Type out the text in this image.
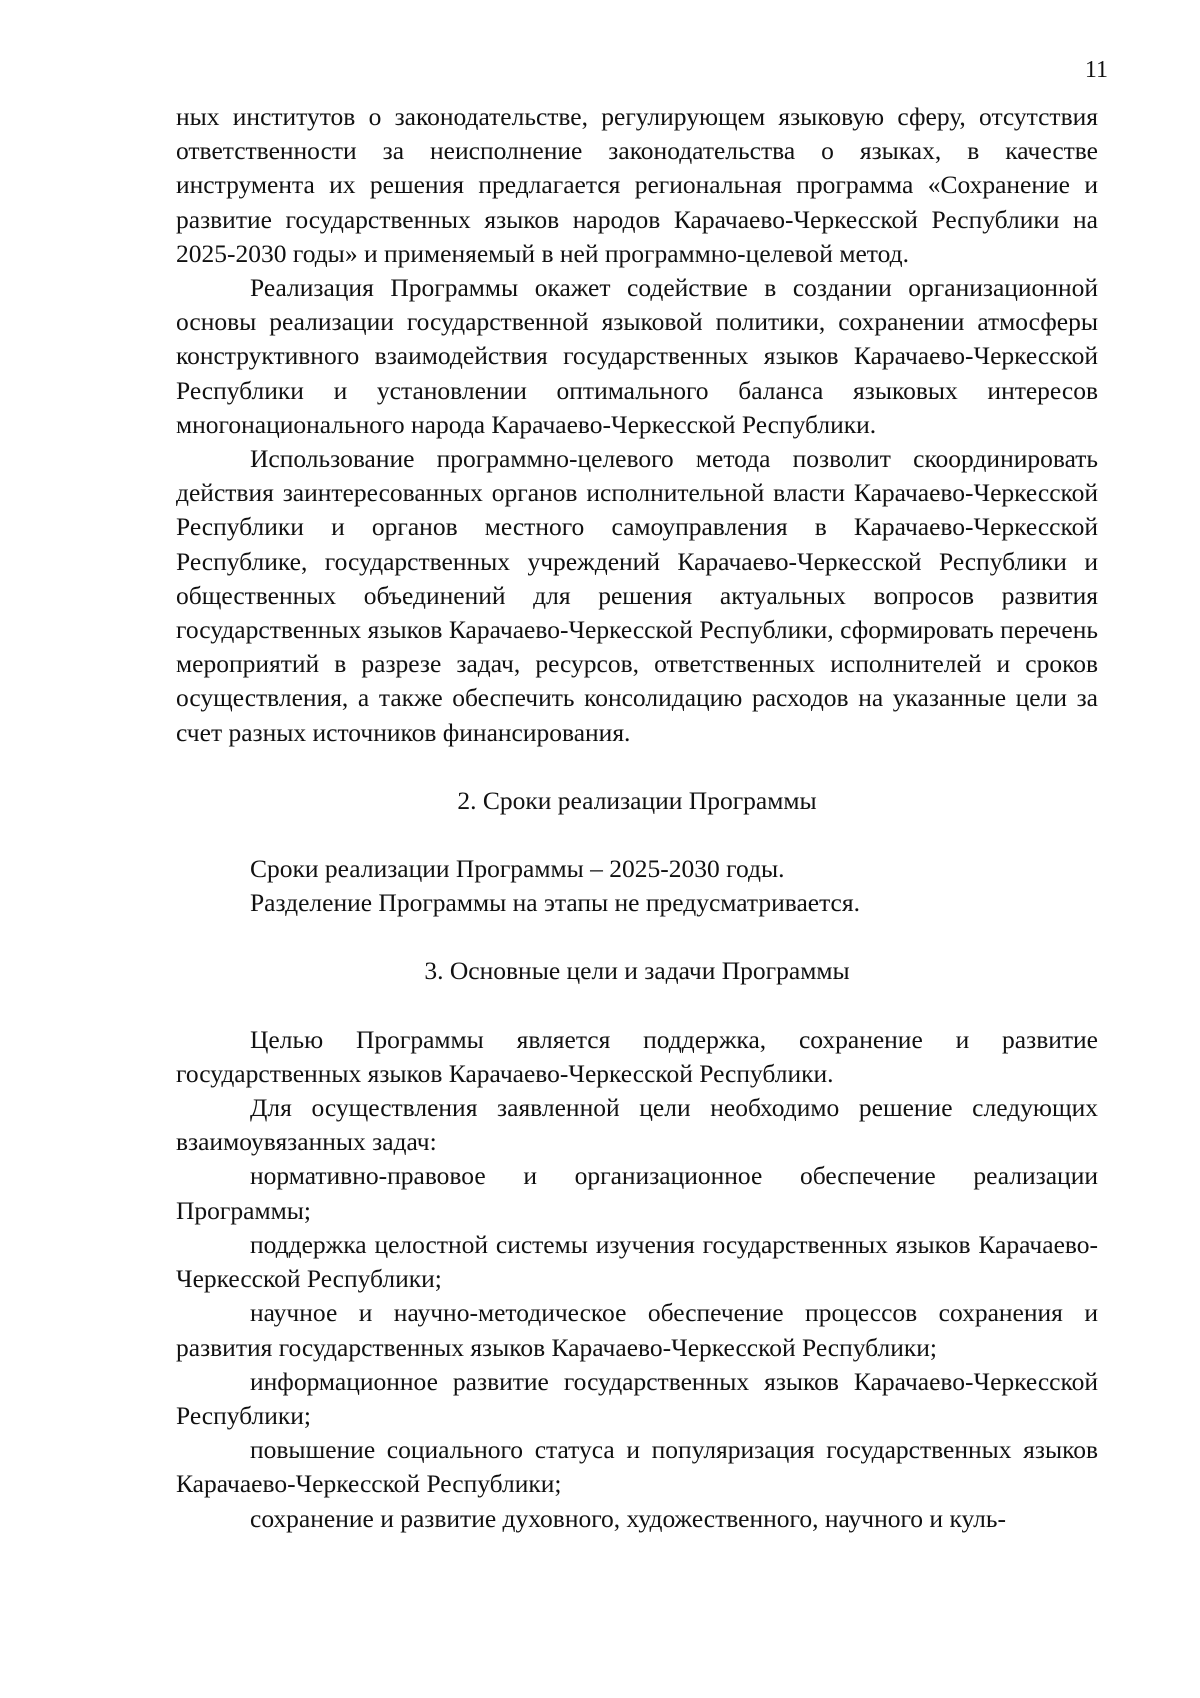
11

ных институтов о законодательстве, регулирующем языковую сферу, отсутствия ответственности за неисполнение законодательства о языках, в качестве инструмента их решения предлагается региональная программа «Сохранение и развитие государственных языков народов Карачаево-Черкесской Республики на 2025-2030 годы» и применяемый в ней программно-целевой метод.

Реализация Программы окажет содействие в создании организационной основы реализации государственной языковой политики, сохранении атмосферы конструктивного взаимодействия государственных языков Карачаево-Черкесской Республики и установлении оптимального баланса языковых интересов многонационального народа Карачаево-Черкесской Республики.

Использование программно-целевого метода позволит скоординировать действия заинтересованных органов исполнительной власти Карачаево-Черкесской Республики и органов местного самоуправления в Карачаево-Черкесской Республике, государственных учреждений Карачаево-Черкесской Республики и общественных объединений для решения актуальных вопросов развития государственных языков Карачаево-Черкесской Республики, сформировать перечень мероприятий в разрезе задач, ресурсов, ответственных исполнителей и сроков осуществления, а также обеспечить консолидацию расходов на указанные цели за счет разных источников финансирования.

2. Сроки реализации Программы

Сроки реализации Программы – 2025-2030 годы.

Разделение Программы на этапы не предусматривается.

3. Основные цели и задачи Программы

Целью Программы является поддержка, сохранение и развитие государственных языков Карачаево-Черкесской Республики.

Для осуществления заявленной цели необходимо решение следующих взаимоувязанных задач:

нормативно-правовое и организационное обеспечение реализации Программы;

поддержка целостной системы изучения государственных языков Карачаево-Черкесской Республики;

научное и научно-методическое обеспечение процессов сохранения и развития государственных языков Карачаево-Черкесской Республики;

информационное развитие государственных языков Карачаево-Черкесской Республики;

повышение социального статуса и популяризация государственных языков Карачаево-Черкесской Республики;

сохранение и развитие духовного, художественного, научного и куль-
